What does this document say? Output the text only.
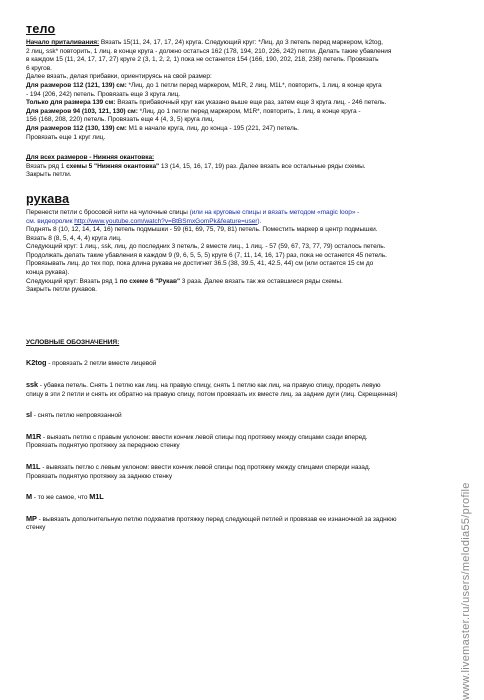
тело

Начало приталивания: Вязать 15(11, 24, 17, 17, 24) круга. Следующий круг: *Лиц. до 3 петель перед маркером, k2tog,
2 лиц, ssk* повторить, 1 лиц. в конце круга - должно остаться 162 (178, 194, 210, 226, 242) петли. Делать такие убавления
в каждом 15 (11, 24, 17, 17, 27) круге 2 (3, 1, 2, 2, 1) пока не останется 154 (166, 190, 202, 218, 238) петель. Провязать
6 кругов.

Далее вязать, делая прибавки, ориентируясь на свой размер:

Для размеров 112 (121, 139) см: *Лиц. до 1 петли перед маркером, M1R, 2 лиц, M1L*, повторить, 1 лиц. в конце круга
- 194 (206, 242) петель. Провязать еще 3 круга лиц.

Только для размера 139 см: Вязать прибавочный круг как указано выше еще раз, затем еще 3 круга лиц. - 246 петель.

Для размеров 94 (103, 121, 130) см: *Лиц. до 1 петли перед маркером, M1R*, повторить, 1 лиц. в конце круга -
156 (168, 208, 220) петель. Провязать еще 4 (4, 3, 5) круга лиц.

Для размеров 112 (130, 139) см: M1 в начале круга, лиц. до конца - 195 (221, 247) петель.

Провязать еще 1 круг лиц.

Для всех размеров - Нижняя окантовка:

Вязать ряд 1 схемы 5 "Нижняя окантовка" 13 (14, 15, 16, 17, 19) раз. Далее вязать все остальные ряды схемы.
Закрыть петли.

рукава

Перенести петли с бросовой нити на чулочные спицы (или на круговые спицы и вязать методом «magic loop» -
см. видеоролик http://www.youtube.com/watch?v=BtBSmxGomPk&feature=user).
Поднять 8 (10, 12, 14, 14, 16) петель подмышки - 59 (61, 69, 75, 79, 81) петель. Поместить маркер в центр подмышки.
Вязать 8 (8, 5, 4, 4, 4) круга лиц.
Следующий круг: 1 лиц., ssk, лиц. до последних 3 петель, 2 вместе лиц., 1 лиц. - 57 (59, 67, 73, 77, 79) осталось петель.
Продолжать делать такие убавления в каждом 9 (9, 6, 5, 5, 5) круге 6 (7, 11, 14, 16, 17) раз, пока не останется 45 петель.
Провязывать лиц. до тех пор, пока длина рукава не достигнет 36.5 (38, 39.5, 41, 42.5, 44) см (или остается 15 см до
конца рукава).
Следующий круг: Вязать ряд 1 по схеме 6 "Рукав" 3 раза. Далее вязать так же оставшиеся ряды схемы.
Закрыть петли рукавов.

УСЛОВНЫЕ ОБОЗНАЧЕНИЯ:

K2tog - провязать 2 петли вместе лицевой

ssk - убавка петель. Снять 1 петлю как лиц. на правую спицу, снять 1 петлю как лиц. на правую спицу, продеть левую
спицу в эти 2 петли и снять их обратно на правую спицу, потом провязать их вместе лиц. за задние дуги (лиц. Скрещенная)

sl - снять петлю непровязанной

M1R - выязать петлю с правым уклоном: ввести кончик левой спицы под протяжку между спицами сзади вперед.
Провязать поднятую протяжку за переднюю стенку

M1L - вывязать петлю с левым уклоном: ввести кончик левой спицы под протяжку между спицами спереди назад.
Провязать поднятую протяжку за заднюю стенку

M - то же самое, что M1L

MP - вывязать дополнительную петлю подхватив протяжку перед следующей петлей и провязав ее изнаночной за заднюю
стенку	www.livemaster.ru/users/melodia55/profile
